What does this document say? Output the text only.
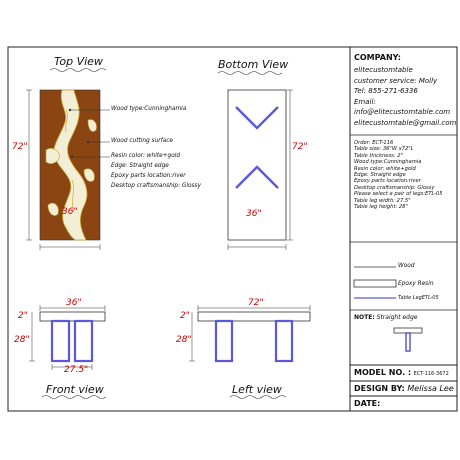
Top View	Bottom View
Front view	Left view
72"
36"
72"
36"
36"
2"
28"
27.5"
72"
2"
28"
Wood type:Cunninghamia
Wood cutting surface
Resin color: white+gold
Edge: Straight edge
Epoxy parts location:river
Desktop craftsmanship: Glossy
COMPANY:
elitecustomtable
customer service: Molly
Tel: 855-271-6336
Email:
info@elitecustomtable.com
elitecustomtable@gmail.com
Order: ECT-116
Table size: 36"W x72"L
Table thickness: 2"
Wood type:Cunninghamia
Resin color: white+gold
Edge: Straight edge
Epoxy parts location:river
Desktop craftsmanship: Glossy
Please select a pair of legs:ETL-05
Table leg width: 27.5"
Table leg height: 28"
Wood
Epoxy Resin
Table LegETL-05
NOTE: Straight edge
MODEL NO. : ECT-116-3672
DESIGN BY: Melissa Lee
DATE:
